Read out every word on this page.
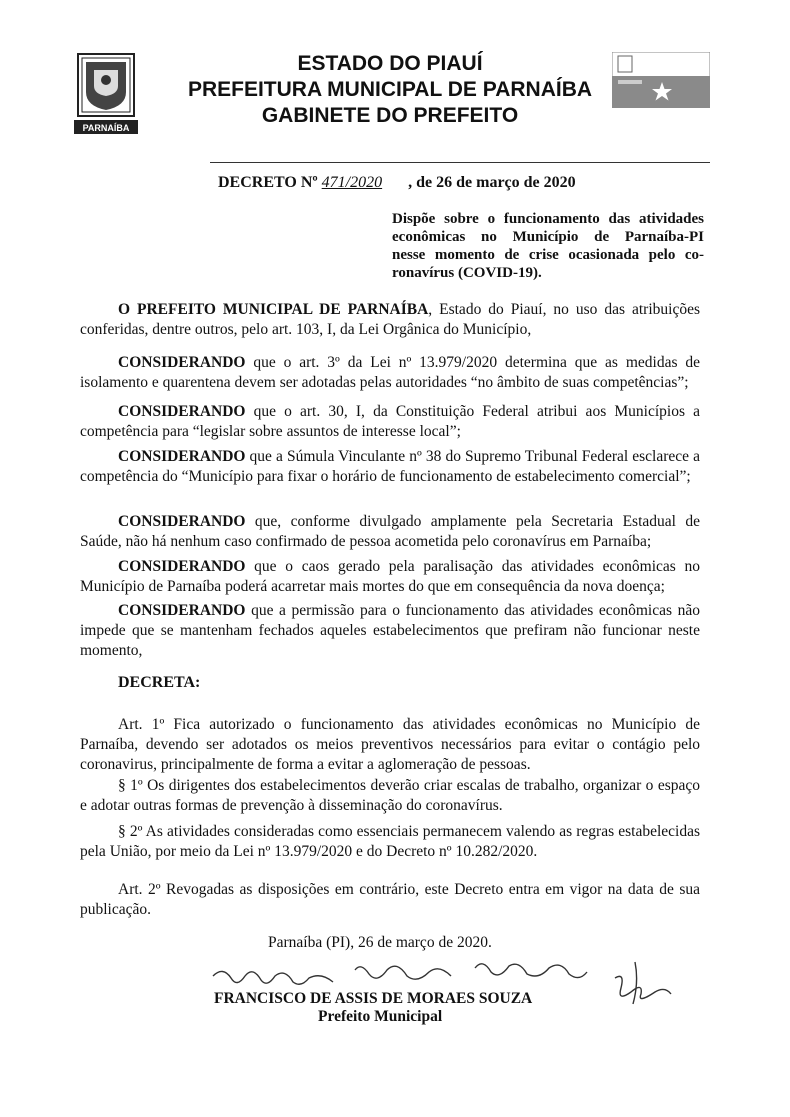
PARNAÍBA
ESTADO DO PIAUÍ
PREFEITURA MUNICIPAL DE PARNAÍBA
GABINETE DO PREFEITO
DECRETO Nº 471/2020 , de 26 de março de 2020
Dispõe sobre o funcionamento das atividades
econômicas no Município de Parnaíba-PI
nesse momento de crise ocasionada pelo co-
ronavírus (COVID-19).
O PREFEITO MUNICIPAL DE PARNAÍBA, Estado do Piauí, no uso das atribuições conferidas, dentre outros, pelo art. 103, I, da Lei Orgânica do Município,
CONSIDERANDO que o art. 3º da Lei nº 13.979/2020 determina que as medidas de isolamento e quarentena devem ser adotadas pelas autoridades “no âmbito de suas competências”;
CONSIDERANDO que o art. 30, I, da Constituição Federal atribui aos Municípios a competência para “legislar sobre assuntos de interesse local”;
CONSIDERANDO que a Súmula Vinculante nº 38 do Supremo Tribunal Federal esclarece a competência do “Município para fixar o horário de funcionamento de estabelecimento comercial”;
CONSIDERANDO que, conforme divulgado amplamente pela Secretaria Estadual de Saúde, não há nenhum caso confirmado de pessoa acometida pelo coronavírus em Parnaíba;
CONSIDERANDO que o caos gerado pela paralisação das atividades econômicas no Município de Parnaíba poderá acarretar mais mortes do que em consequência da nova doença;
CONSIDERANDO que a permissão para o funcionamento das atividades econômicas não impede que se mantenham fechados aqueles estabelecimentos que prefiram não funcionar neste momento,
DECRETA:
Art. 1º Fica autorizado o funcionamento das atividades econômicas no Município de Parnaíba, devendo ser adotados os meios preventivos necessários para evitar o contágio pelo coronavirus, principalmente de forma a evitar a aglomeração de pessoas.
§ 1º Os dirigentes dos estabelecimentos deverão criar escalas de trabalho, organizar o espaço e adotar outras formas de prevenção à disseminação do coronavírus.
§ 2º As atividades consideradas como essenciais permanecem valendo as regras estabelecidas pela União, por meio da Lei nº 13.979/2020 e do Decreto nº 10.282/2020.
Art. 2º Revogadas as disposições em contrário, este Decreto entra em vigor na data de sua publicação.
Parnaíba (PI), 26 de março de 2020.
FRANCISCO DE ASSIS DE MORAES SOUZA
Prefeito Municipal
